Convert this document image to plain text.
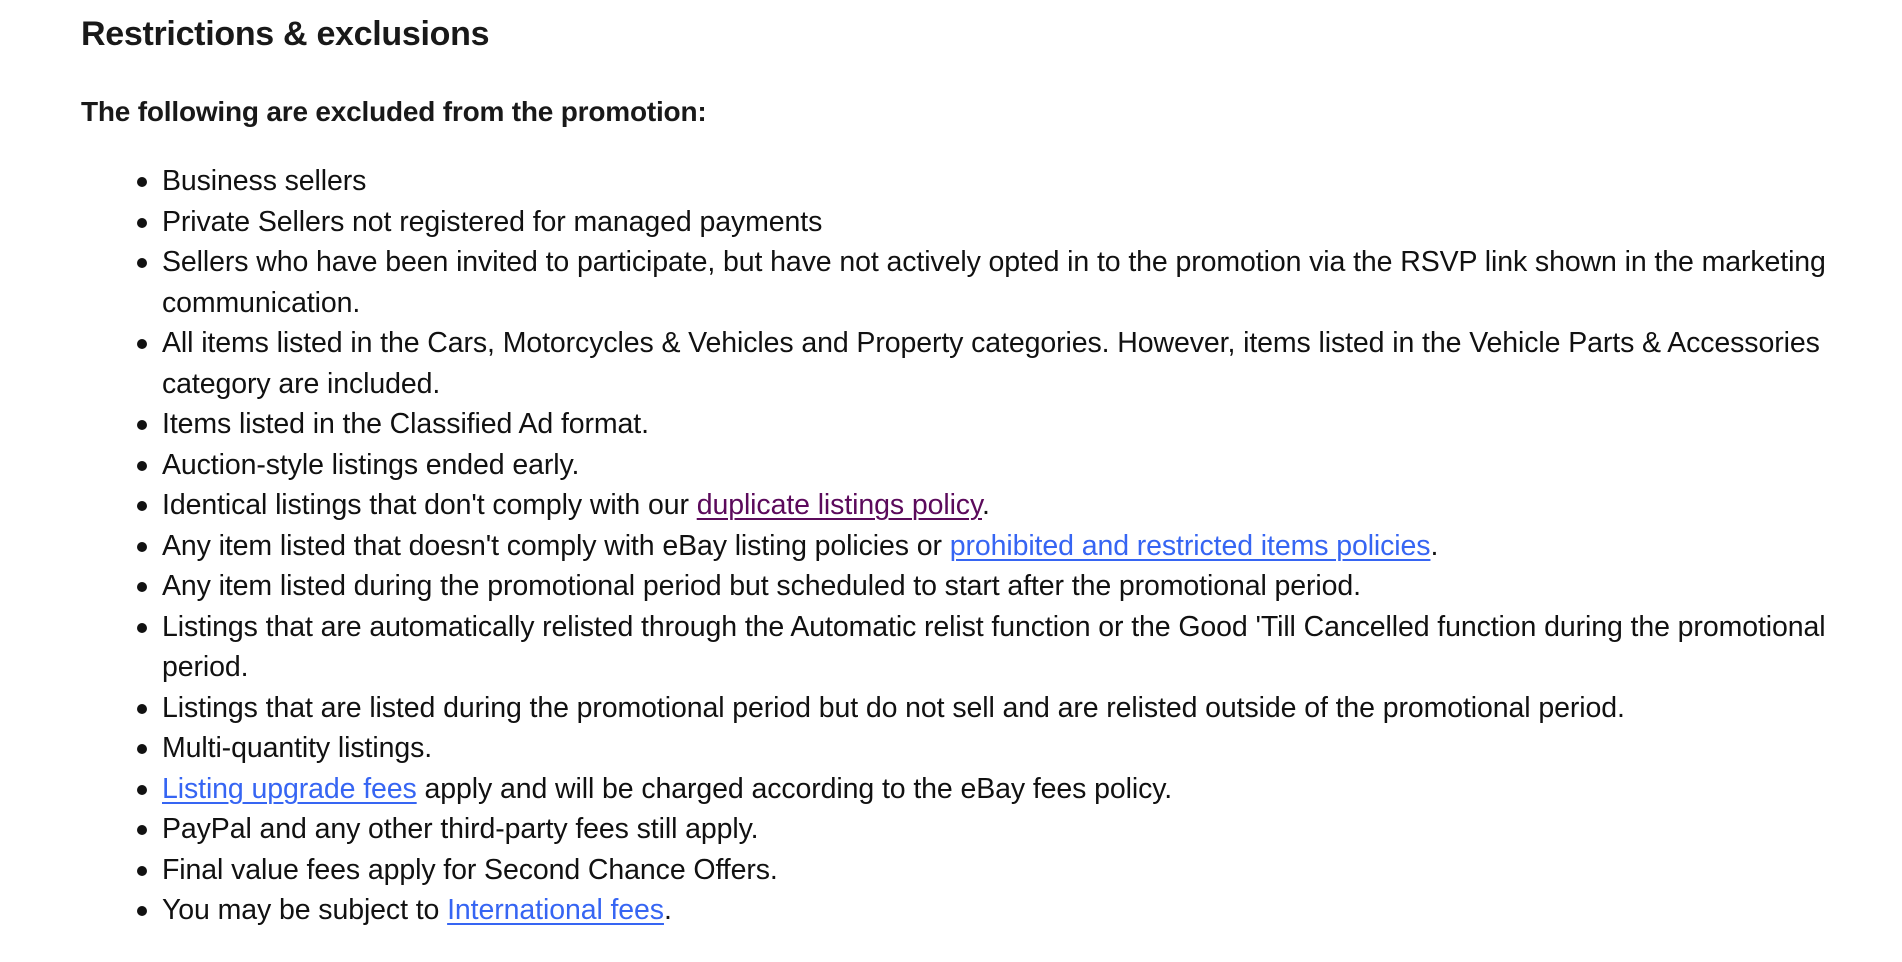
Restrictions & exclusions

The following are excluded from the promotion:

Business sellers
Private Sellers not registered for managed payments
Sellers who have been invited to participate, but have not actively opted in to the promotion via the RSVP link shown in the marketing communication.
All items listed in the Cars, Motorcycles & Vehicles and Property categories. However, items listed in the Vehicle Parts & Accessories category are included.
Items listed in the Classified Ad format.
Auction-style listings ended early.
Identical listings that don't comply with our duplicate listings policy.
Any item listed that doesn't comply with eBay listing policies or prohibited and restricted items policies.
Any item listed during the promotional period but scheduled to start after the promotional period.
Listings that are automatically relisted through the Automatic relist function or the Good 'Till Cancelled function during the promotional period.
Listings that are listed during the promotional period but do not sell and are relisted outside of the promotional period.
Multi-quantity listings.
Listing upgrade fees apply and will be charged according to the eBay fees policy.
PayPal and any other third-party fees still apply.
Final value fees apply for Second Chance Offers.
You may be subject to International fees.
